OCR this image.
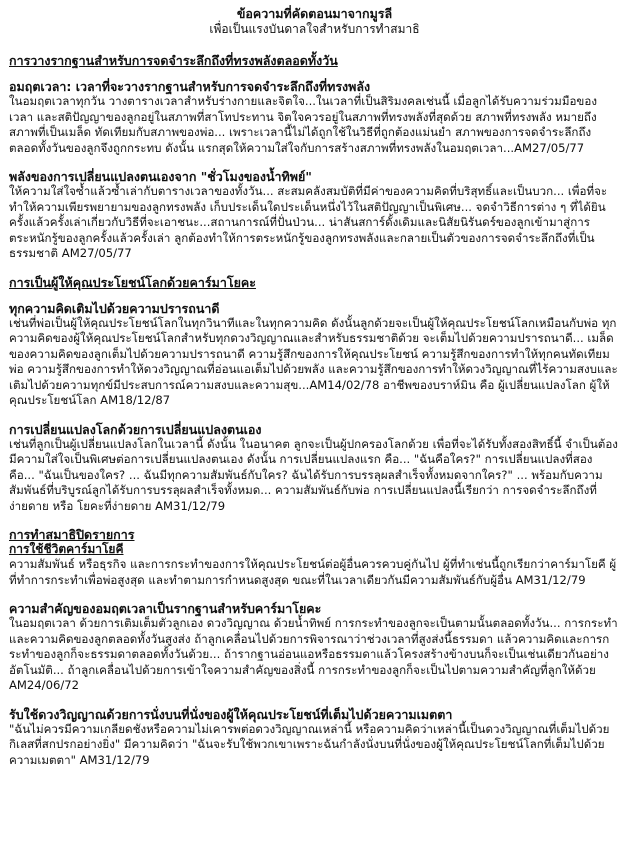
ข้อความที่คัดตอนมาจากมูรลี

เพื่อเป็นแรงบันดาลใจสำหรับการทำสมาธิ

การวางรากฐานสำหรับการจดจำระลึกถึงที่ทรงพลังตลอดทั้งวัน

อมฤตเวลา: เวลาที่จะวางรากฐานสำหรับการจดจำระลึกถึงที่ทรงพลัง

ในอมฤตเวลาทุกวัน วางตารางเวลาสำหรับร่างกายและจิตใจ...ในเวลาที่เป็นสิริมงคลเช่นนี้ เมื่อลูกได้รับความร่วมมือของเวลา และสติปัญญาของลูกอยู่ในสภาพที่สาโทประทาน จิตใจควรอยู่ในสภาพที่ทรงพลังที่สุดด้วย สภาพที่ทรงพลัง หมายถึง สภาพที่เป็นเมล็ด ทัดเทียมกับสภาพของพ่อ... เพราะเวลานี้ไม่ได้ถูกใช้ในวิธีที่ถูกต้องแม่นยำ สภาพของการจดจำระลึกถึงตลอดทั้งวันของลูกจึงถูกกระทบ ดังนั้น แรกสุดให้ความใส่ใจกับการสร้างสภาพที่ทรงพลังในอมฤตเวลา...AM27/05/77

พลังของการเปลี่ยนแปลงตนเองจาก "ชั่วโมงของน้ำทิพย์"

ให้ความใส่ใจซ้ำแล้วซ้ำเล่ากับตารางเวลาของทั้งวัน... สะสมคลังสมบัติที่มีค่าของความคิดที่บริสุทธิ์และเป็นบวก... เพื่อที่จะทำให้ความเพียรพยายามของลูกทรงพลัง เก็บประเด็นใดประเด็นหนึ่งไว้ในสติปัญญาเป็นพิเศษ... จดจำวิธีการต่าง ๆ ที่ได้ยินครั้งแล้วครั้งเล่าเกี่ยวกับวิธีที่จะเอาชนะ...สถานการณ์ที่ปั่นป่วน... น่าสันสการ์ดั้งเดิมและนิสัยนิรันดร์ของลูกเข้ามาสู่การตระหนักรู้ของลูกครั้งแล้วครั้งเล่า ลูกต้องทำให้การตระหนักรู้ของลูกทรงพลังและกลายเป็นตัวของการจดจำระลึกถึงที่เป็นธรรมชาติ AM27/05/77

การเป็นผู้ให้คุณประโยชน์โลกด้วยคาร์มาโยคะ

ทุกความคิดเติมไปด้วยความปรารถนาดี

เช่นที่พ่อเป็นผู้ให้คุณประโยชน์โลกในทุกวินาทีและในทุกความคิด ดังนั้นลูกด้วยจะเป็นผู้ให้คุณประโยชน์โลกเหมือนกับพ่อ ทุกความคิดของผู้ให้คุณประโยชน์โลกสำหรับทุกดวงวิญญาณและสำหรับธรรมชาติด้วย จะเต็มไปด้วยความปรารถนาดี... เมล็ดของความคิดของลูกเต็มไปด้วยความปรารถนาดี ความรู้สึกของการให้คุณประโยชน์ ความรู้สึกของการทำให้ทุกคนทัดเทียมพ่อ ความรู้สึกของการทำให้ดวงวิญญาณที่อ่อนแอเต็มไปด้วยพลัง และความรู้สึกของการทำให้ดวงวิญญาณที่ไร้ความสงบและเติมไปด้วยความทุกข์มีประสบการณ์ความสงบและความสุข...AM14/02/78 อาชีพของบราห์มิน คือ ผู้เปลี่ยนแปลงโลก ผู้ให้คุณประโยชน์โลก AM18/12/87

การเปลี่ยนแปลงโลกด้วยการเปลี่ยนแปลงตนเอง

เช่นที่ลูกเป็นผู้เปลี่ยนแปลงโลกในเวลานี้ ดังนั้น ในอนาคต ลูกจะเป็นผู้ปกครองโลกด้วย เพื่อที่จะได้รับทั้งสองสิทธิ์นี้ จำเป็นต้องมีความใส่ใจเป็นพิเศษต่อการเปลี่ยนแปลงตนเอง ดังนั้น การเปลี่ยนแปลงแรก คือ... "ฉันคือใคร?" การเปลี่ยนแปลงที่สอง คือ... "ฉันเป็นของใคร? ... ฉันมีทุกความสัมพันธ์กับใคร? ฉันได้รับการบรรลุผลสำเร็จทั้งหมดจากใคร?" ... พร้อมกับความสัมพันธ์ที่บริบูรณ์ลูกได้รับการบรรลุผลสำเร็จทั้งหมด... ความสัมพันธ์กับพ่อ การเปลี่ยนแปลงนี้เรียกว่า การจดจำระลึกถึงที่ง่ายดาย หรือ โยคะที่ง่ายดาย AM31/12/79

การทำสมาธิปิดรายการ

การใช้ชีวิตคาร์มาโยคี

ความสัมพันธ์ หรือธุรกิจ และการกระทำของการให้คุณประโยชน์ต่อผู้อื่นควรควบคู่กันไป ผู้ที่ทำเช่นนี้ถูกเรียกว่าคาร์มาโยคี ผู้ที่ทำการกระทำเพื่อพ่อสูงสุด และทำตามการกำหนดสูงสุด ขณะที่ในเวลาเดียวกันมีความสัมพันธ์กับผู้อื่น AM31/12/79

ความสำคัญของอมฤตเวลาเป็นรากฐานสำหรับคาร์มาโยคะ

ในอมฤตเวลา ด้วยการเติมเต็มตัวลูกเอง ดวงวิญญาณ ด้วยน้ำทิพย์ การกระทำของลูกจะเป็นตามนั้นตลอดทั้งวัน... การกระทำและความคิดของลูกตลอดทั้งวันสูงส่ง ถ้าลูกเคลื่อนไปด้วยการพิจารณาว่าช่วงเวลาที่สูงส่งนี้ธรรมดา แล้วความคิดและการกระทำของลูกก็จะธรรมดาตลอดทั้งวันด้วย... ถ้ารากฐานอ่อนแอหรือธรรมดาแล้วโครงสร้างข้างบนก็จะเป็นเช่นเดียวกันอย่างอัตโนมัติ... ถ้าลูกเคลื่อนไปด้วยการเข้าใจความสำคัญของสิ่งนี้ การกระทำของลูกก็จะเป็นไปตามความสำคัญที่ลูกให้ด้วย AM24/06/72

รับใช้ดวงวิญญาณด้วยการนั่งบนที่นั่งของผู้ให้คุณประโยชน์ที่เต็มไปด้วยความเมตตา

"ฉันไม่ควรมีความเกลียดชังหรือความไม่เคารพต่อดวงวิญญาณเหล่านี้ หรือความคิดว่าเหล่านี้เป็นดวงวิญญาณที่เต็มไปด้วยกิเลสที่สกปรกอย่างยิ่ง" มีความคิดว่า "ฉันจะรับใช้พวกเขาเพราะฉันกำลังนั่งบนที่นั่งของผู้ให้คุณประโยชน์โลกที่เต็มไปด้วยความเมตตา" AM31/12/79
